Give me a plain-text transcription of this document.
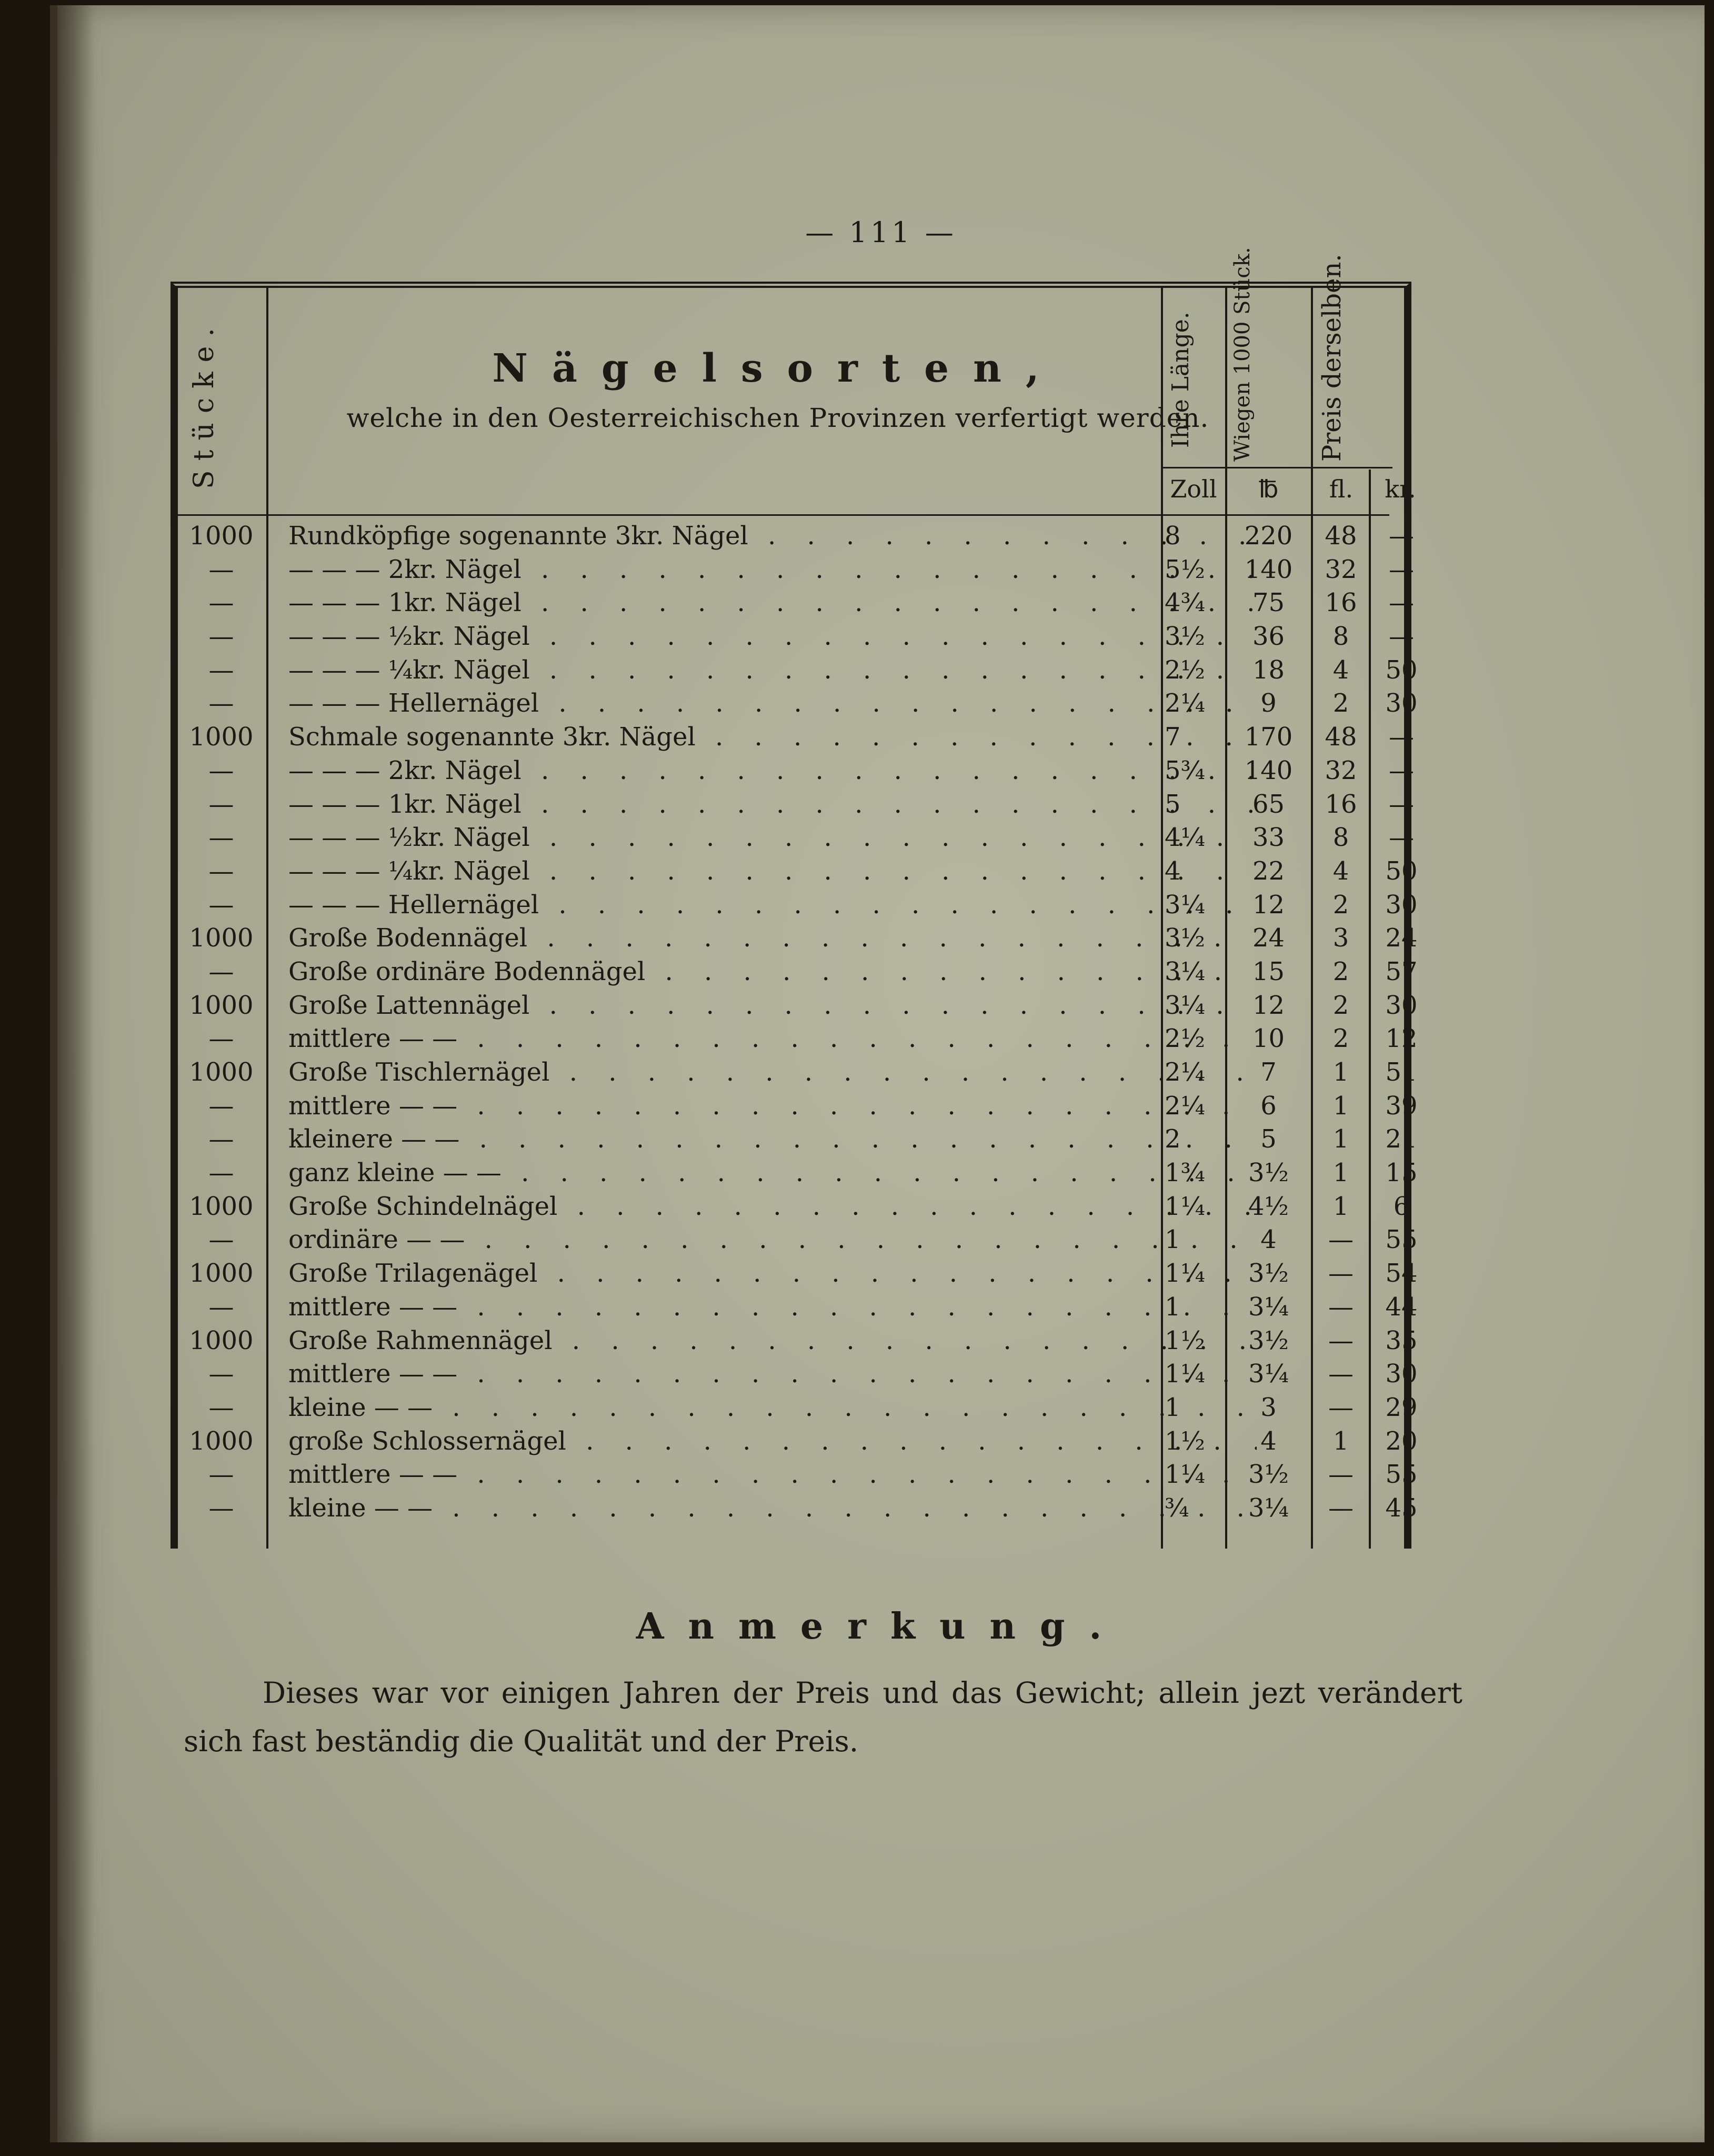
— 111 —
Stücke.	Nägelsorten,
welche in den Oesterreichischen Provinzen verfertigt werden.
Ihre Länge.	Wiegen 1000 Stück.	Preis derselben.
Zoll	℔	fl.	kr.
1000	Rundköpfige sogenannte 3kr. Nägel . . .	8	220	48	—
—	— — — 2kr. Nägel . . .	5½	140	32	—
—	— — — 1kr. Nägel . . .	4¾	75	16	—
—	— — — ½kr. Nägel . . .	3½	36	8	—
—	— — — ¼kr. Nägel . . .	2½	18	4	50
—	— — — Hellernägel . . .	2¼	9	2	30
1000	Schmale sogenannte 3kr. Nägel . . .	7	170	48	—
—	— — — 2kr. Nägel . . .	5¾	140	32	—
—	— — — 1kr. Nägel . . .	5	65	16	—
—	— — — ½kr. Nägel . . .	4¼	33	8	—
—	— — — ¼kr. Nägel . . .	4	22	4	50
—	— — — Hellernägel . . .	3¼	12	2	30
1000	Große Bodennägel . . .	3½	24	3	24
—	Große ordinäre Bodennägel . . .	3¼	15	2	57
1000	Große Lattennägel . . .	3¼	12	2	30
—	mittlere — — . . .	2½	10	2	12
1000	Große Tischlernägel . . .	2¼	7	1	51
—	mittlere — — . . .	2¼	6	1	39
—	kleinere — — . . .	2	5	1	21
—	ganz kleine — — . . .	1¾	3½	1	15
1000	Große Schindelnägel . . .	1¼	4½	1	6
—	ordinäre — — . . .	1	4	—	55
1000	Große Trilagenägel . . .	1¼	3½	—	54
—	mittlere — — . . .	1	3¼	—	44
1000	Große Rahmennägel . . .	1½	3½	—	35
—	mittlere — — . . .	1¼	3¼	—	30
—	kleine — — . . .	1	3	—	29
1000	große Schlossernägel . . .	1½	4	1	20
—	mittlere — — . . .	1¼	3½	—	55
—	kleine — — . . .	¾	3¼	—	45
Anmerkung.
Dieses war vor einigen Jahren der Preis und das Gewicht; allein jezt verändert sich fast beständig die Qualität und der Preis.
